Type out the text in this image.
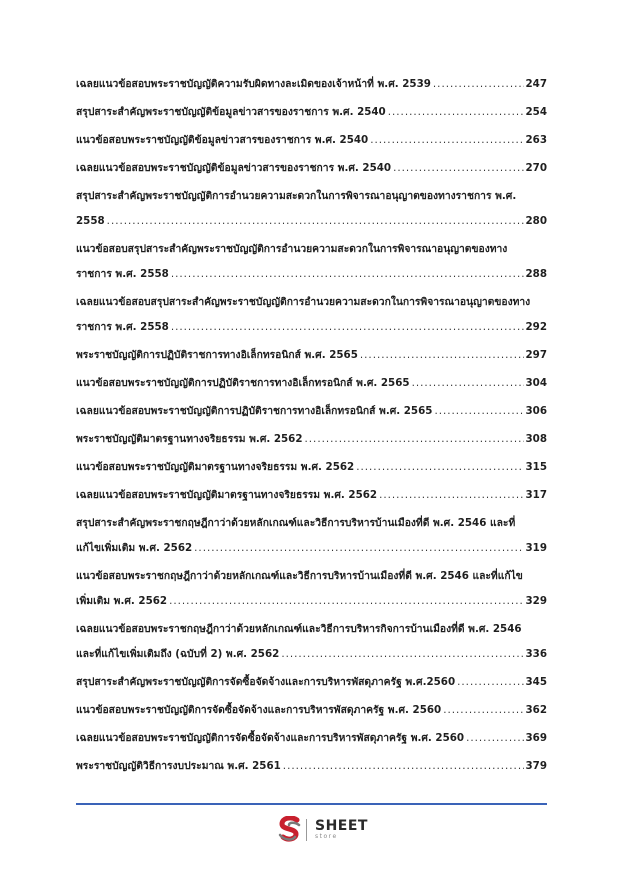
เฉลยแนวข้อสอบพระราชบัญญัติความรับผิดทางละเมิดของเจ้าหน้าที่ พ.ศ. 2539 .....	247
สรุปสาระสำคัญพระราชบัญญัติข้อมูลข่าวสารของราชการ พ.ศ. 2540 .....	254
แนวข้อสอบพระราชบัญญัติข้อมูลข่าวสารของราชการ พ.ศ. 2540 .....	263
เฉลยแนวข้อสอบพระราชบัญญัติข้อมูลข่าวสารของราชการ พ.ศ. 2540 .....	270
สรุปสาระสำคัญพระราชบัญญัติการอำนวยความสะดวกในการพิจารณาอนุญาตของทางราชการ พ.ศ.
2558 .....	280
แนวข้อสอบสรุปสาระสำคัญพระราชบัญญัติการอำนวยความสะดวกในการพิจารณาอนุญาตของทาง
ราชการ พ.ศ. 2558 .....	288
เฉลยแนวข้อสอบสรุปสาระสำคัญพระราชบัญญัติการอำนวยความสะดวกในการพิจารณาอนุญาตของทาง
ราชการ พ.ศ. 2558 .....	292
พระราชบัญญัติการปฏิบัติราชการทางอิเล็กทรอนิกส์ พ.ศ. 2565 .....	297
แนวข้อสอบพระราชบัญญัติการปฏิบัติราชการทางอิเล็กทรอนิกส์ พ.ศ. 2565 .....	304
เฉลยแนวข้อสอบพระราชบัญญัติการปฏิบัติราชการทางอิเล็กทรอนิกส์ พ.ศ. 2565 .....	306
พระราชบัญญัติมาตรฐานทางจริยธรรม พ.ศ. 2562 .....	308
แนวข้อสอบพระราชบัญญัติมาตรฐานทางจริยธรรม พ.ศ. 2562 .....	315
เฉลยแนวข้อสอบพระราชบัญญัติมาตรฐานทางจริยธรรม พ.ศ. 2562 .....	317
สรุปสาระสำคัญพระราชกฤษฎีกาว่าด้วยหลักเกณฑ์และวิธีการบริหารบ้านเมืองที่ดี พ.ศ. 2546 และที่
แก้ไขเพิ่มเติม พ.ศ. 2562 .....	319
แนวข้อสอบพระราชกฤษฎีกาว่าด้วยหลักเกณฑ์และวิธีการบริหารบ้านเมืองที่ดี พ.ศ. 2546 และที่แก้ไข
เพิ่มเติม พ.ศ. 2562 .....	329
เฉลยแนวข้อสอบพระราชกฤษฎีกาว่าด้วยหลักเกณฑ์และวิธีการบริหารกิจการบ้านเมืองที่ดี พ.ศ. 2546
และที่แก้ไขเพิ่มเติมถึง (ฉบับที่ 2) พ.ศ. 2562 .....	336
สรุปสาระสำคัญพระราชบัญญัติการจัดซื้อจัดจ้างและการบริหารพัสดุภาครัฐ พ.ศ.2560 .....	345
แนวข้อสอบพระราชบัญญัติการจัดซื้อจัดจ้างและการบริหารพัสดุภาครัฐ พ.ศ. 2560 .....	362
เฉลยแนวข้อสอบพระราชบัญญัติการจัดซื้อจัดจ้างและการบริหารพัสดุภาครัฐ พ.ศ. 2560 .....	369
พระราชบัญญัติวิธีการงบประมาณ พ.ศ. 2561 .....	379
SHEET
store
